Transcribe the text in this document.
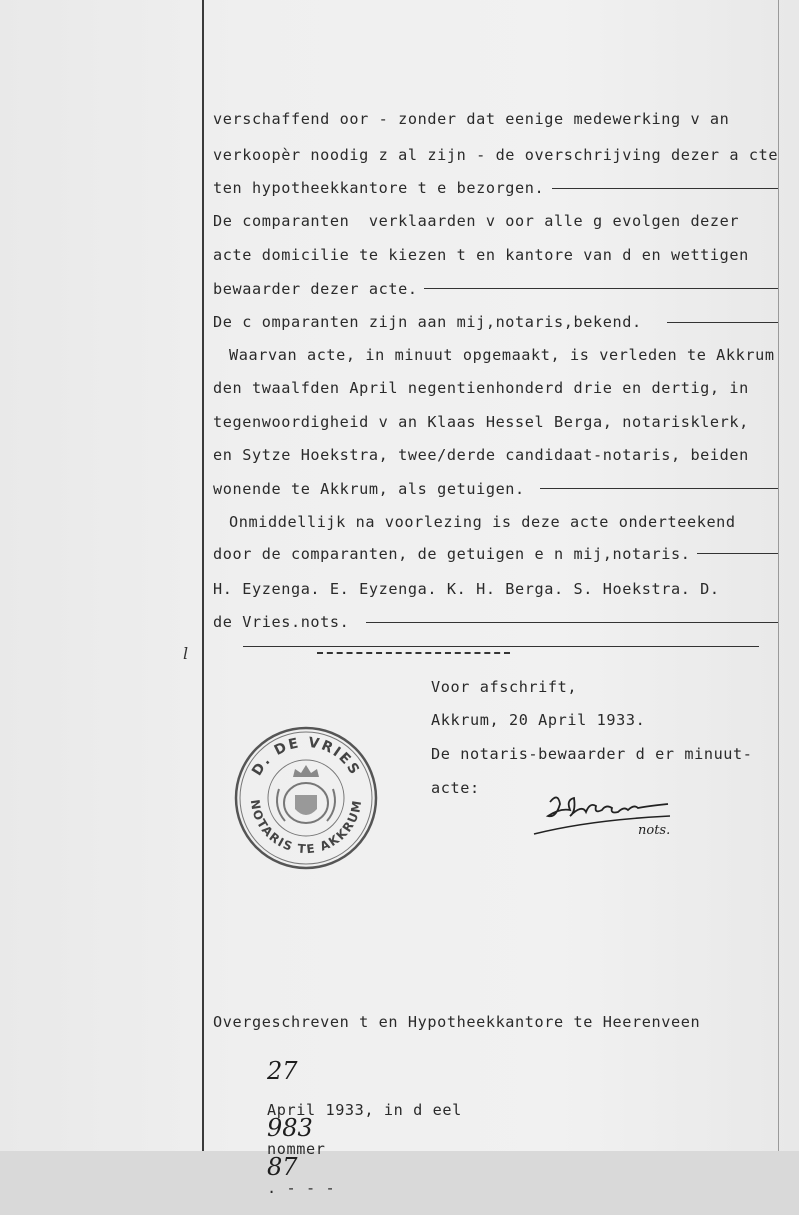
verschaffend oor - zonder dat eenige medewerking v an
verkoopèr noodig z al zijn - de overschrijving dezer a cte
ten hypotheekkantore t e bezorgen.
De comparanten  verklaarden v oor alle g evolgen dezer
acte domicilie te kiezen t en kantore van d en wettigen
bewaarder dezer acte.
De c omparanten zijn aan mij,notaris,bekend.
Waarvan acte, in minuut opgemaakt, is verleden te Akkrum
den twaalfden April negentienhonderd drie en dertig, in
tegenwoordigheid v an Klaas Hessel Berga, notarisklerk,
en Sytze Hoekstra, twee/derde candidaat-notaris, beiden
wonende te Akkrum, als getuigen.
Onmiddellijk na voorlezing is deze acte onderteekend
door de comparanten, de getuigen e n mij,notaris.
H. Eyzenga. E. Eyzenga. K. H. Berga. S. Hoekstra. D.
de Vries.nots.
l
Voor afschrift,
Akkrum, 20 April 1933.
De notaris-bewaarder d er minuut-
acte:
D. DE VRIES
NOTARIS TE AKKRUM
nots.
Overgeschreven t en Hypotheekkantore te Heerenveen

27

April 1933, in d eel
983
nommer
87
. - - -
